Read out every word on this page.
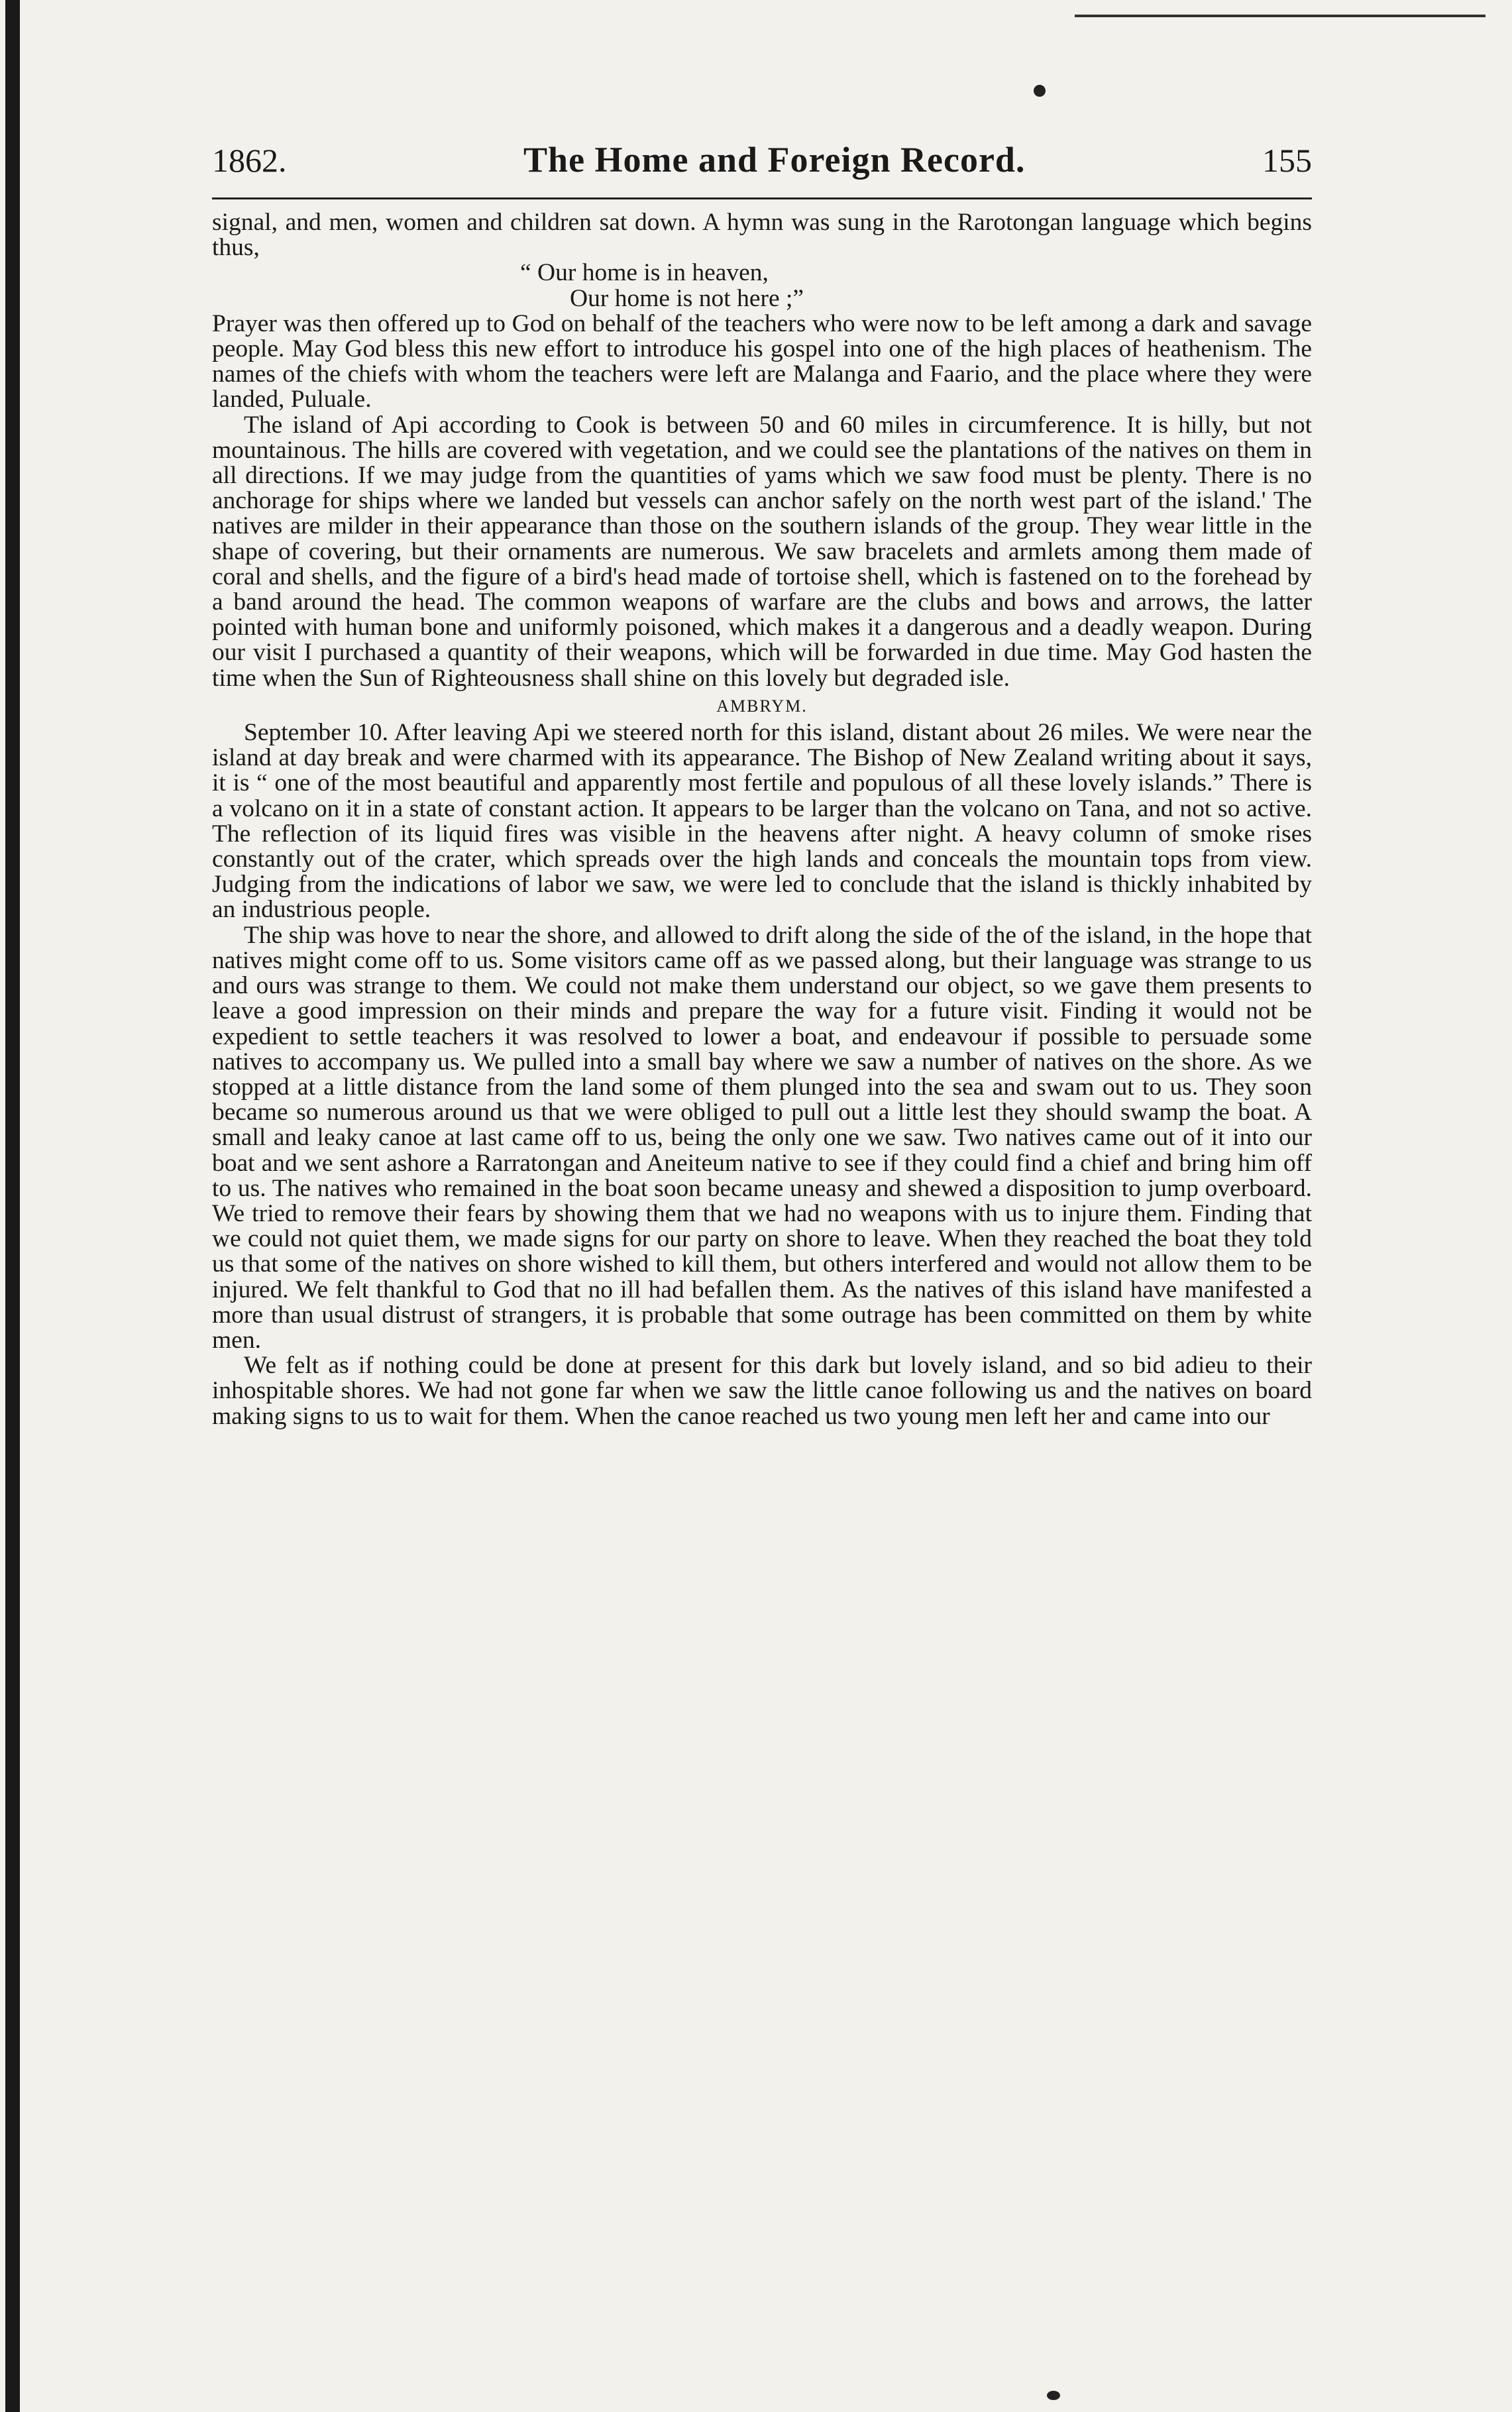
1862.	The Home and Foreign Record.	155

signal, and men, women and children sat down. A hymn was sung in the Rarotongan language which begins thus,

“ Our home is in heaven,

Our home is not here ;”

Prayer was then offered up to God on behalf of the teachers who were now to be left among a dark and savage people. May God bless this new effort to introduce his gospel into one of the high places of heathenism. The names of the chiefs with whom the teachers were left are Malanga and Faario, and the place where they were landed, Puluale.

The island of Api according to Cook is between 50 and 60 miles in circumference. It is hilly, but not mountainous. The hills are covered with vegetation, and we could see the plantations of the natives on them in all directions. If we may judge from the quantities of yams which we saw food must be plenty. There is no anchorage for ships where we landed but vessels can anchor safely on the north west part of the island.' The natives are milder in their appearance than those on the southern islands of the group. They wear little in the shape of covering, but their ornaments are numerous. We saw bracelets and armlets among them made of coral and shells, and the figure of a bird's head made of tortoise shell, which is fastened on to the forehead by a band around the head. The common weapons of warfare are the clubs and bows and arrows, the latter pointed with human bone and uniformly poisoned, which makes it a dangerous and a deadly weapon. During our visit I purchased a quantity of their weapons, which will be forwarded in due time. May God hasten the time when the Sun of Righteousness shall shine on this lovely but degraded isle.

AMBRYM.

September 10. After leaving Api we steered north for this island, distant about 26 miles. We were near the island at day break and were charmed with its appearance. The Bishop of New Zealand writing about it says, it is “ one of the most beautiful and apparently most fertile and populous of all these lovely islands.” There is a volcano on it in a state of constant action. It appears to be larger than the volcano on Tana, and not so active. The reflection of its liquid fires was visible in the heavens after night. A heavy column of smoke rises constantly out of the crater, which spreads over the high lands and conceals the mountain tops from view. Judging from the indications of labor we saw, we were led to conclude that the island is thickly inhabited by an industrious people.

The ship was hove to near the shore, and allowed to drift along the side of the of the island, in the hope that natives might come off to us. Some visitors came off as we passed along, but their language was strange to us and ours was strange to them. We could not make them understand our object, so we gave them presents to leave a good impression on their minds and prepare the way for a future visit. Finding it would not be expedient to settle teachers it was resolved to lower a boat, and endeavour if possible to persuade some natives to accompany us. We pulled into a small bay where we saw a number of natives on the shore. As we stopped at a little distance from the land some of them plunged into the sea and swam out to us. They soon became so numerous around us that we were obliged to pull out a little lest they should swamp the boat. A small and leaky canoe at last came off to us, being the only one we saw. Two natives came out of it into our boat and we sent ashore a Rarratongan and Aneiteum native to see if they could find a chief and bring him off to us. The natives who remained in the boat soon became uneasy and shewed a disposition to jump overboard. We tried to remove their fears by showing them that we had no weapons with us to injure them. Finding that we could not quiet them, we made signs for our party on shore to leave. When they reached the boat they told us that some of the natives on shore wished to kill them, but others interfered and would not allow them to be injured. We felt thankful to God that no ill had befallen them. As the natives of this island have manifested a more than usual distrust of strangers, it is probable that some outrage has been committed on them by white men.

We felt as if nothing could be done at present for this dark but lovely island, and so bid adieu to their inhospitable shores. We had not gone far when we saw the little canoe following us and the natives on board making signs to us to wait for them. When the canoe reached us two young men left her and came into our
